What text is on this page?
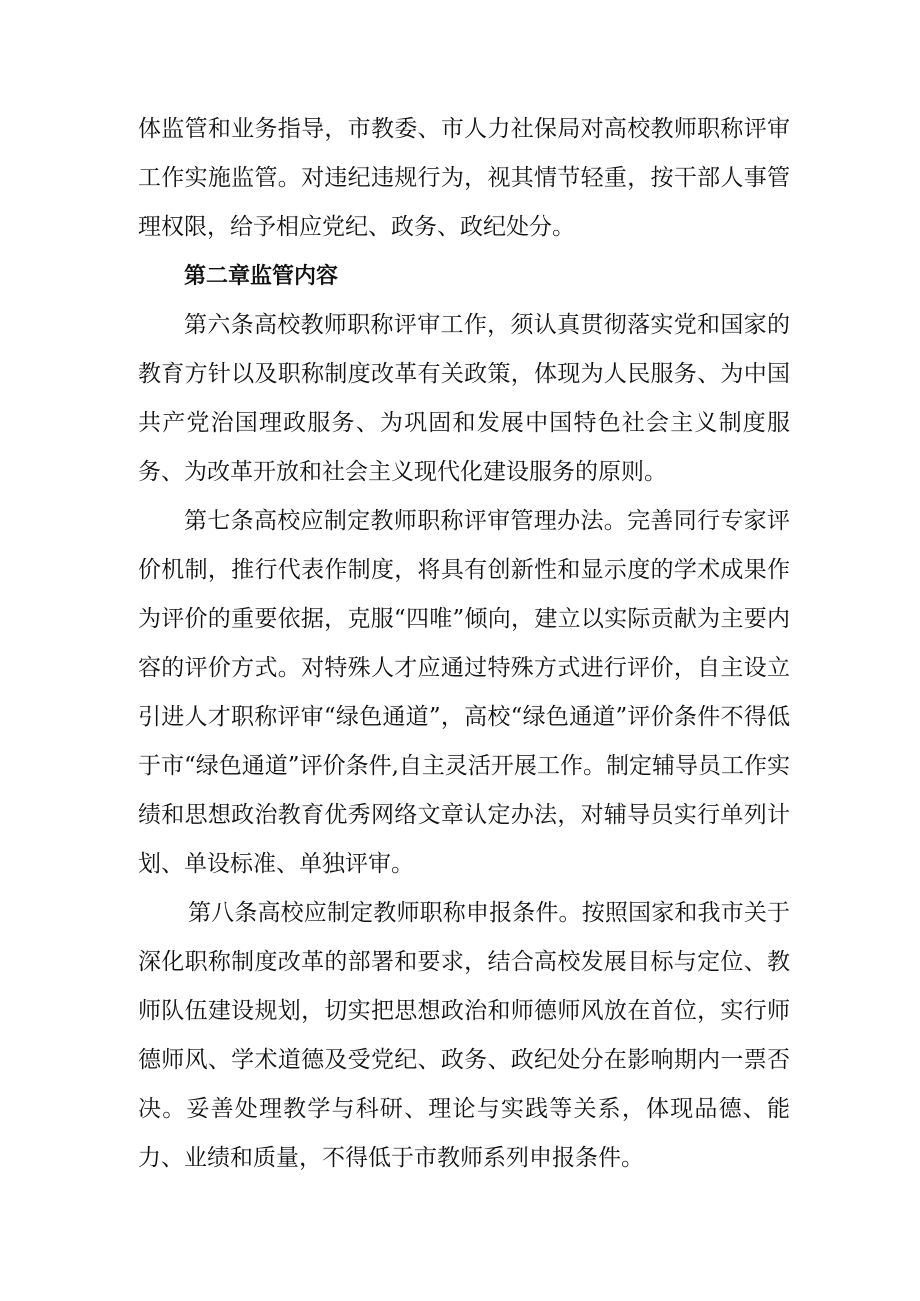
体监管和业务指导，市教委、市人力社保局对高校教师职称评审工作实施监管。对违纪违规行为，视其情节轻重，按干部人事管理权限，给予相应党纪、政务、政纪处分。

第二章监管内容

第六条高校教师职称评审工作，须认真贯彻落实党和国家的教育方针以及职称制度改革有关政策，体现为人民服务、为中国共产党治国理政服务、为巩固和发展中国特色社会主义制度服务、为改革开放和社会主义现代化建设服务的原则。

第七条高校应制定教师职称评审管理办法。完善同行专家评价机制，推行代表作制度，将具有创新性和显示度的学术成果作为评价的重要依据，克服“四唯”倾向，建立以实际贡献为主要内容的评价方式。对特殊人才应通过特殊方式进行评价，自主设立引进人才职称评审“绿色通道”，高校“绿色通道”评价条件不得低于市“绿色通道”评价条件,自主灵活开展工作。制定辅导员工作实绩和思想政治教育优秀网络文章认定办法，对辅导员实行单列计划、单设标准、单独评审。

第八条高校应制定教师职称申报条件。按照国家和我市关于深化职称制度改革的部署和要求，结合高校发展目标与定位、教师队伍建设规划，切实把思想政治和师德师风放在首位，实行师德师风、学术道德及受党纪、政务、政纪处分在影响期内一票否决。妥善处理教学与科研、理论与实践等关系，体现品德、能力、业绩和质量，不得低于市教师系列申报条件。
